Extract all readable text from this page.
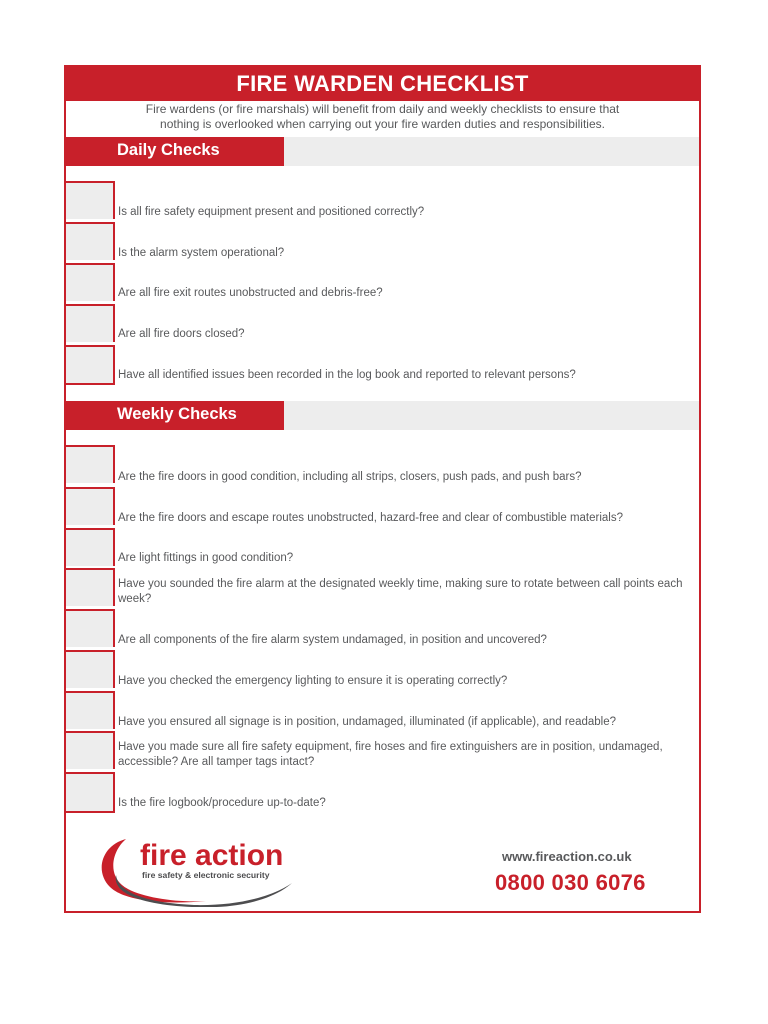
FIRE WARDEN CHECKLIST
Fire wardens (or fire marshals) will benefit from daily and weekly checklists to ensure that
nothing is overlooked when carrying out your fire warden duties and responsibilities.
Daily Checks
Is all fire safety equipment present and positioned correctly?
Is the alarm system operational?
Are all fire exit routes unobstructed and debris-free?
Are all fire doors closed?
Have all identified issues been recorded in the log book and reported to relevant persons?
Weekly Checks
Are the fire doors in good condition, including all strips, closers, push pads, and push bars?
Are the fire doors and escape routes unobstructed, hazard-free and clear of combustible materials?
Are light fittings in good condition?
Have you sounded the fire alarm at the designated weekly time, making sure to rotate between call points each week?
Are all components of the fire alarm system undamaged, in position and uncovered?
Have you checked the emergency lighting to ensure it is operating correctly?
Have you ensured all signage is in position, undamaged, illuminated (if applicable), and readable?
Have you made sure all fire safety equipment, fire hoses and fire extinguishers are in position, undamaged, accessible? Are all tamper tags intact?
Is the fire logbook/procedure up-to-date?
fire action
fire safety & electronic security
www.fireaction.co.uk
0800 030 6076
